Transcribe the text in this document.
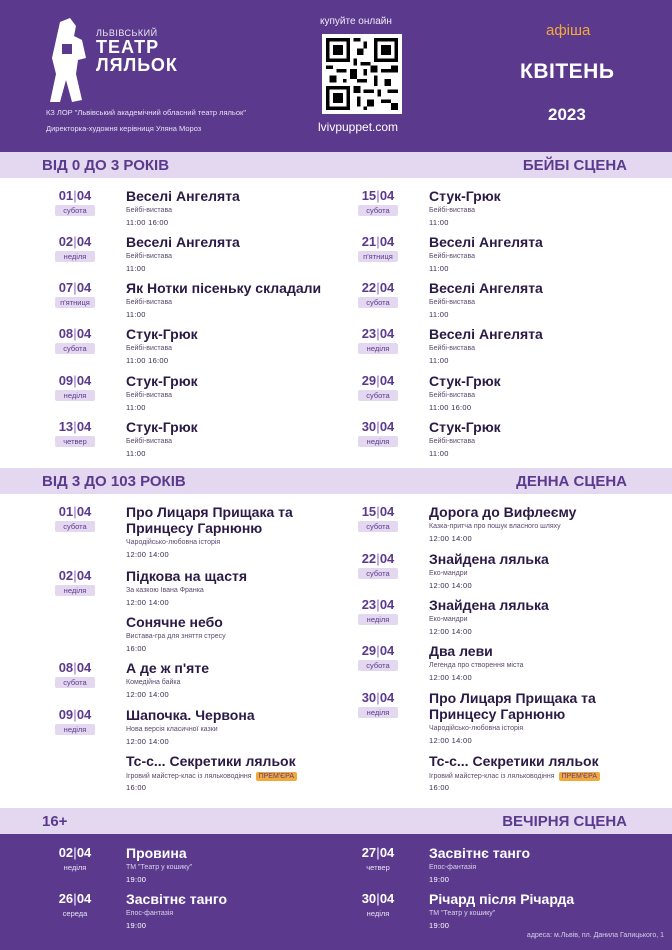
ЛЬВІВСЬКИЙ
ТЕАТР
ЛЯЛЬОК
КЗ ЛОР "Львівський академічний обласний театр ляльок"
Директорка-художня керівниця Уляна Мороз
купуйте онлайн
lvivpuppet.com
афіша
КВІТЕНЬ
2023
ВІД 0 ДО 3 РОКІВ	БЕЙБІ СЦЕНА
01|04
субота
Веселі Ангелята
Бейбі-вистава
11:00 16:00
02|04
неділя
Веселі Ангелята
Бейбі-вистава
11:00
07|04
п'ятниця
Як Нотки пісеньку складали
Бейбі-вистава
11:00
08|04
субота
Стук-Грюк
Бейбі-вистава
11:00 16:00
09|04
неділя
Стук-Грюк
Бейбі-вистава
11:00
13|04
четвер
Стук-Грюк
Бейбі-вистава
11:00
15|04
субота
Стук-Грюк
Бейбі-вистава
11:00
21|04
п'ятниця
Веселі Ангелята
Бейбі-вистава
11:00
22|04
субота
Веселі Ангелята
Бейбі-вистава
11:00
23|04
неділя
Веселі Ангелята
Бейбі-вистава
11:00
29|04
субота
Стук-Грюк
Бейбі-вистава
11:00 16:00
30|04
неділя
Стук-Грюк
Бейбі-вистава
11:00
ВІД 3 ДО 103 РОКІВ	ДЕННА СЦЕНА
01|04
субота
Про Лицаря Прищака та Принцесу Гарнюню
Чародійсько-любовна історія
12:00 14:00
02|04
неділя
Підкова на щастя
За казкою Івана Франка
12:00 14:00
Сонячне небо
Вистава-гра для зняття стресу
16:00
08|04
субота
А де ж п'яте
Комедійна байка
12:00 14:00
09|04
неділя
Шапочка. Червона
Нова версія класичної казки
12:00 14:00
Тс-с... Секретики ляльок
Ігровий майстер-клас із ляльководіння ПРЕМ'ЄРА
16:00
15|04
субота
Дорога до Вифлеєму
Казка-притча про пошук власного шляху
12:00 14:00
22|04
субота
Знайдена лялька
Еко-мандри
12:00 14:00
23|04
неділя
Знайдена лялька
Еко-мандри
12:00 14:00
29|04
субота
Два леви
Легенда про створення міста
12:00 14:00
30|04
неділя
Про Лицаря Прищака та Принцесу Гарнюню
Чародійсько-любовна історія
12:00 14:00
Тс-с... Секретики ляльок
Ігровий майстер-клас із ляльководіння ПРЕМ'ЄРА
16:00
16+	ВЕЧІРНЯ СЦЕНА
02|04
неділя
Провина
ТМ "Театр у кошику"
19:00
26|04
середа
Засвітнє танго
Епос-фантазія
19:00
27|04
четвер
Засвітнє танго
Епос-фантазія
19:00
30|04
неділя
Річард після Річарда
ТМ "Театр у кошику"
19:00
адреса: м.Львів, пл. Данила Галицького, 1
